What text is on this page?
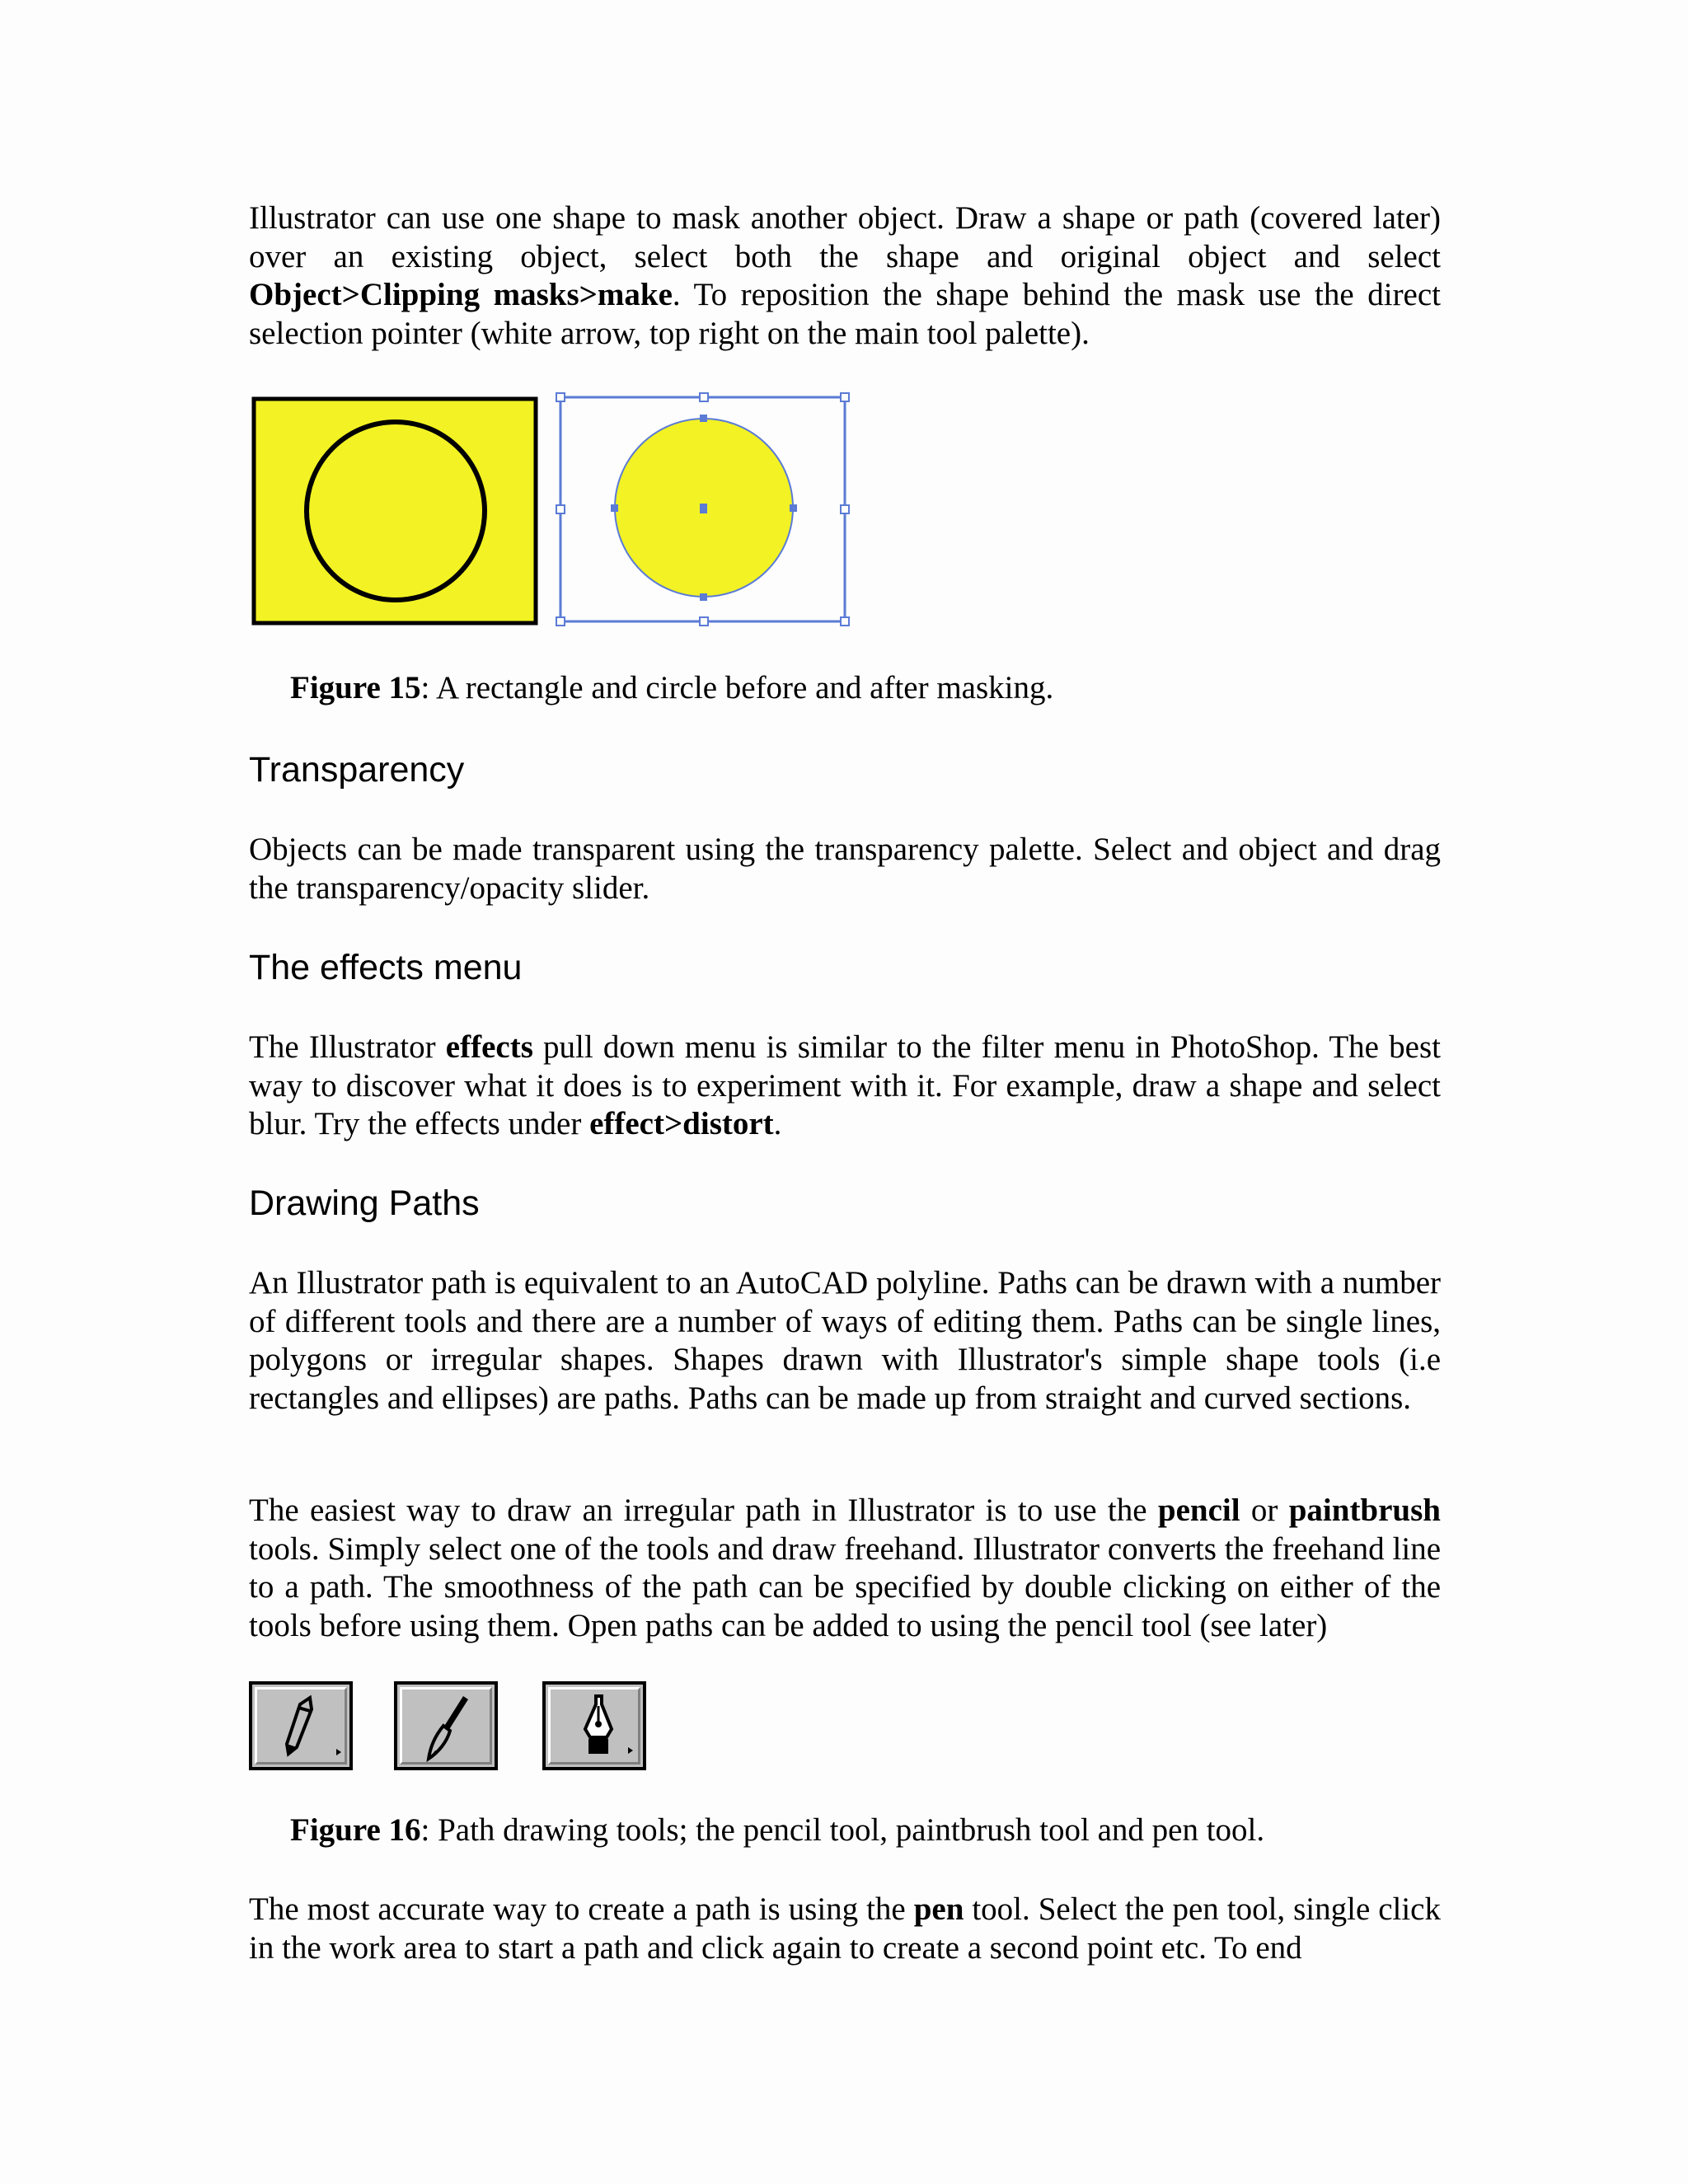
Illustrator can use one shape to mask another object. Draw a shape or path (covered later) over an existing object, select both the shape and original object and select Object>Clipping masks>make. To reposition the shape behind the mask use the direct selection pointer (white arrow, top right on the main tool palette).

Figure 15: A rectangle and circle before and after masking.

Transparency

Objects can be made transparent using the transparency palette. Select and object and drag the transparency/opacity slider.

The effects menu

The Illustrator effects pull down menu is similar to the filter menu in PhotoShop. The best way to discover what it does is to experiment with it. For example, draw a shape and select blur. Try the effects under effect>distort.

Drawing Paths

An Illustrator path is equivalent to an AutoCAD polyline. Paths can be drawn with a number of different tools and there are a number of ways of editing them. Paths can be single lines, polygons or irregular shapes. Shapes drawn with Illustrator's simple shape tools (i.e rectangles and ellipses) are paths. Paths can be made up from straight and curved sections.

The easiest way to draw an irregular path in Illustrator is to use the pencil or paintbrush tools. Simply select one of the tools and draw freehand. Illustrator converts the freehand line to a path. The smoothness of the path can be specified by double clicking on either of the tools before using them. Open paths can be added to using the pencil tool (see later)

Figure 16: Path drawing tools; the pencil tool, paintbrush tool and pen tool.

The most accurate way to create a path is using the pen tool. Select the pen tool, single click in the work area to start a path and click again to create a second point etc. To end
